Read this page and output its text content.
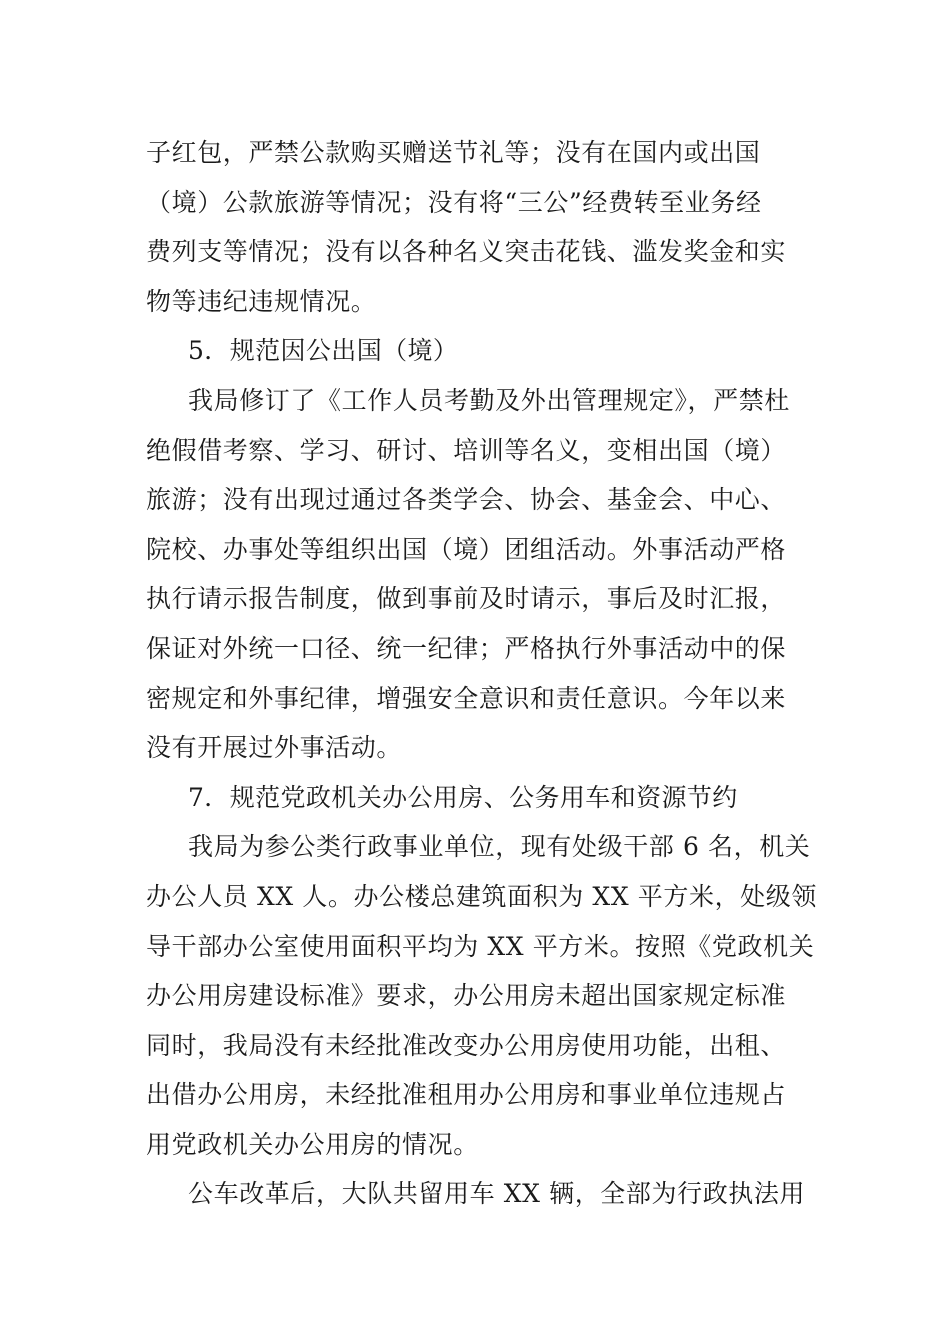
子红包，严禁公款购买赠送节礼等；没有在国内或出国
（境）公款旅游等情况；没有将“三公”经费转至业务经
费列支等情况；没有以各种名义突击花钱、滥发奖金和实
物等违纪违规情况。
5．规范因公出国（境）
我局修订了《工作人员考勤及外出管理规定》，严禁杜
绝假借考察、学习、研讨、培训等名义，变相出国（境）
旅游；没有出现过通过各类学会、协会、基金会、中心、
院校、办事处等组织出国（境）团组活动。外事活动严格
执行请示报告制度，做到事前及时请示，事后及时汇报，
保证对外统一口径、统一纪律；严格执行外事活动中的保
密规定和外事纪律，增强安全意识和责任意识。今年以来
没有开展过外事活动。
7．规范党政机关办公用房、公务用车和资源节约
我局为参公类行政事业单位，现有处级干部 6 名，机关
办公人员 XX 人。办公楼总建筑面积为 XX 平方米，处级领
导干部办公室使用面积平均为 XX 平方米。按照《党政机关
办公用房建设标准》要求，办公用房未超出国家规定标准
同时，我局没有未经批准改变办公用房使用功能，出租、
出借办公用房，未经批准租用办公用房和事业单位违规占
用党政机关办公用房的情况。
公车改革后，大队共留用车 XX 辆，全部为行政执法用
